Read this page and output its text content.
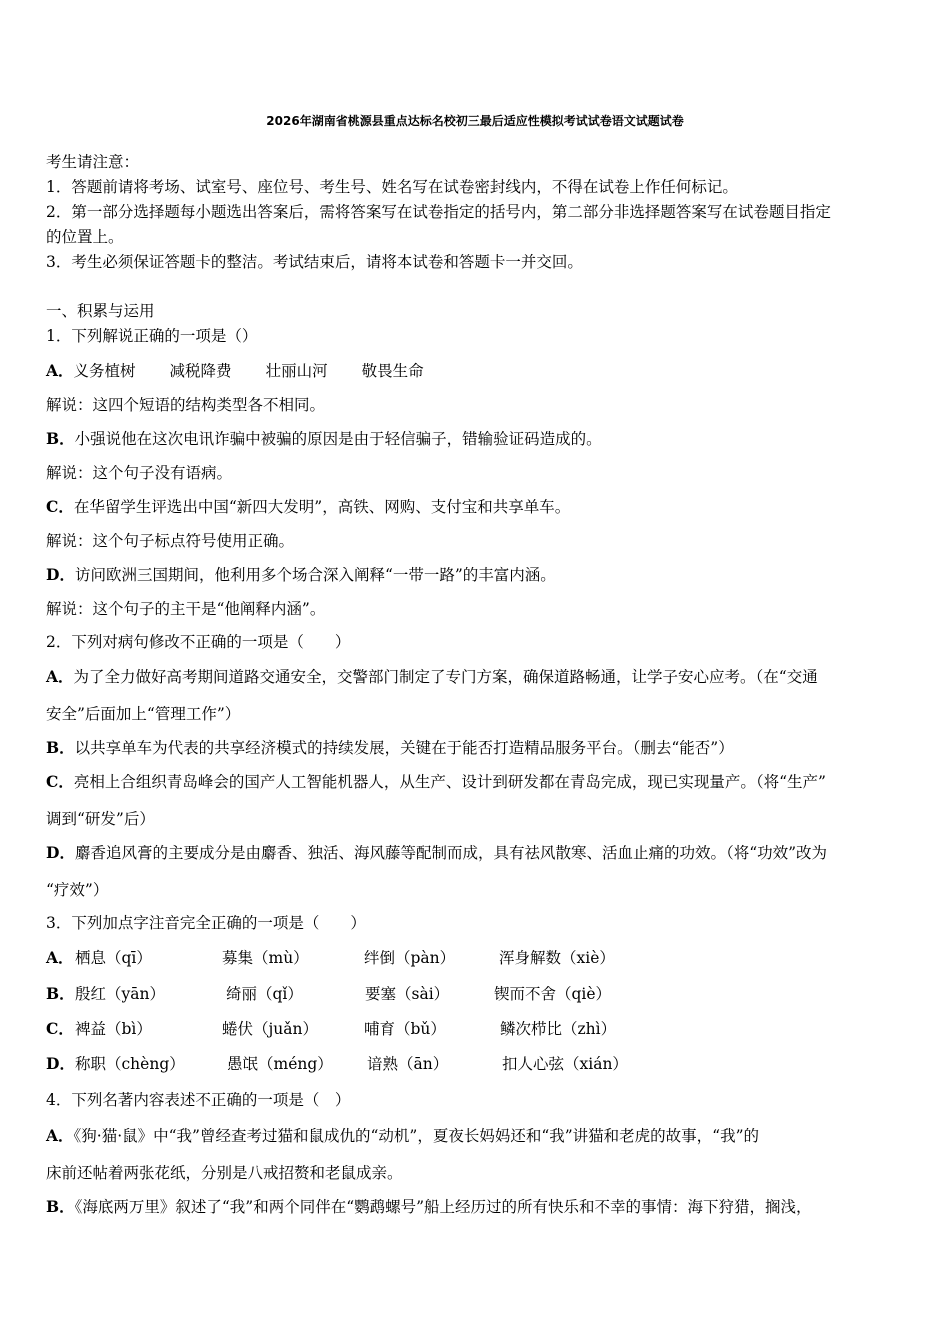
2026年湖南省桃源县重点达标名校初三最后适应性模拟考试试卷语文试题试卷
考生请注意：
1．答题前请将考场、试室号、座位号、考生号、姓名写在试卷密封线内，不得在试卷上作任何标记。
2．第一部分选择题每小题选出答案后，需将答案写在试卷指定的括号内，第二部分非选择题答案写在试卷题目指定
的位置上。
3．考生必须保证答题卡的整洁。考试结束后，请将本试卷和答题卡一并交回。
一、积累与运用
1．下列解说正确的一项是（）
A．义务植树 减税降费 壮丽山河 敬畏生命
解说：这四个短语的结构类型各不相同。
B．小强说他在这次电讯诈骗中被骗的原因是由于轻信骗子，错输验证码造成的。
解说：这个句子没有语病。
C．在华留学生评选出中国“新四大发明”，高铁、网购、支付宝和共享单车。
解说：这个句子标点符号使用正确。
D．访问欧洲三国期间，他利用多个场合深入阐释“一带一路”的丰富内涵。
解说：这个句子的主干是“他阐释内涵”。
2．下列对病句修改不正确的一项是（　　）
A．为了全力做好高考期间道路交通安全，交警部门制定了专门方案，确保道路畅通，让学子安心应考。（在“交通
安全”后面加上“管理工作”）
B．以共享单车为代表的共享经济模式的持续发展，关键在于能否打造精品服务平台。（删去“能否”）
C．亮相上合组织青岛峰会的国产人工智能机器人，从生产、设计到研发都在青岛完成，现已实现量产。（将“生产”
调到“研发”后）
D．麝香追风膏的主要成分是由麝香、独活、海风藤等配制而成，具有祛风散寒、活血止痛的功效。（将“功效”改为
“疗效”）
3．下列加点字注音完全正确的一项是（　　）
A． 栖息（qī）	募集（mù）	绊倒（pàn）	浑身解数（xiè）
B． 殷红（yān）	绮丽（qǐ）	要塞（sài）	锲而不舍（qiè）
C． 裨益（bì）	蜷伏（juǎn）	哺育（bǔ）	鳞次栉比（zhì）
D． 称职（chèng）	愚氓（méng） 谙熟（ān）	扣人心弦（xián）
4．下列名著内容表述不正确的一项是（　）
A．《狗·猫·鼠》中“我”曾经查考过猫和鼠成仇的“动机”，夏夜长妈妈还和“我”讲猫和老虎的故事，“我”的
床前还帖着两张花纸，分别是八戒招赘和老鼠成亲。
B．《海底两万里》叙述了“我”和两个同伴在“鹦鹉螺号”船上经历过的所有快乐和不幸的事情：海下狩猎，搁浅，
